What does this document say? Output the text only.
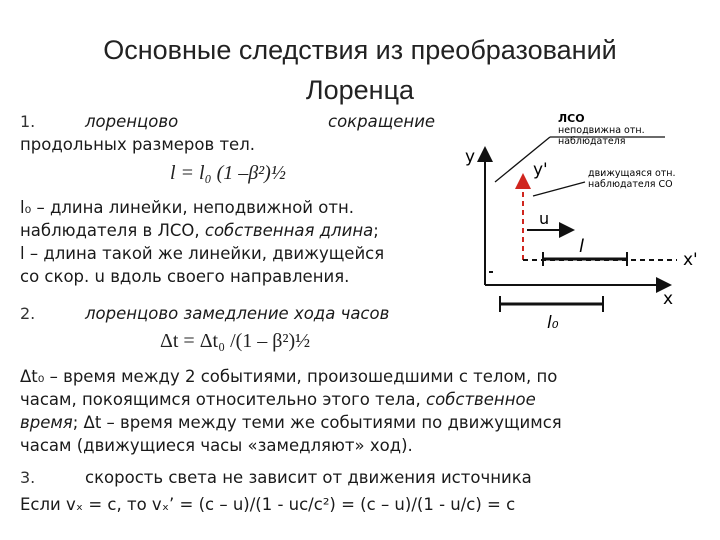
Основные следствия из преобразований
Лоренца
1.	лоренцово	сокращение
продольных размеров тел.
l = l₀ (1 –β²)½
l₀ – длина линейки, неподвижной отн.
наблюдателя в ЛСО, собственная длина;
l – длина такой же линейки, движущейся
со скор. u вдоль своего направления.
2.	лоренцово замедление хода часов
Δt = Δt₀ /(1 – β²)½
Δt₀ – время между 2 событиями, произошедшими с телом, по
часам, покоящимся относительно этого тела, собственное
время; Δt – время между теми же событиями по движущимся
часам (движущиеся часы «замедляют» ход).
3.	скорость света не зависит от движения источника
Если vₓ = c, то vₓ’ = (c – u)/(1 - uc/c²) = (c – u)/(1 - u/c) = c
y
x
y'
x'
u
l
l₀
ЛСО
неподвижна отн.
наблюдателя
движущаяся отн.
наблюдателя СО
